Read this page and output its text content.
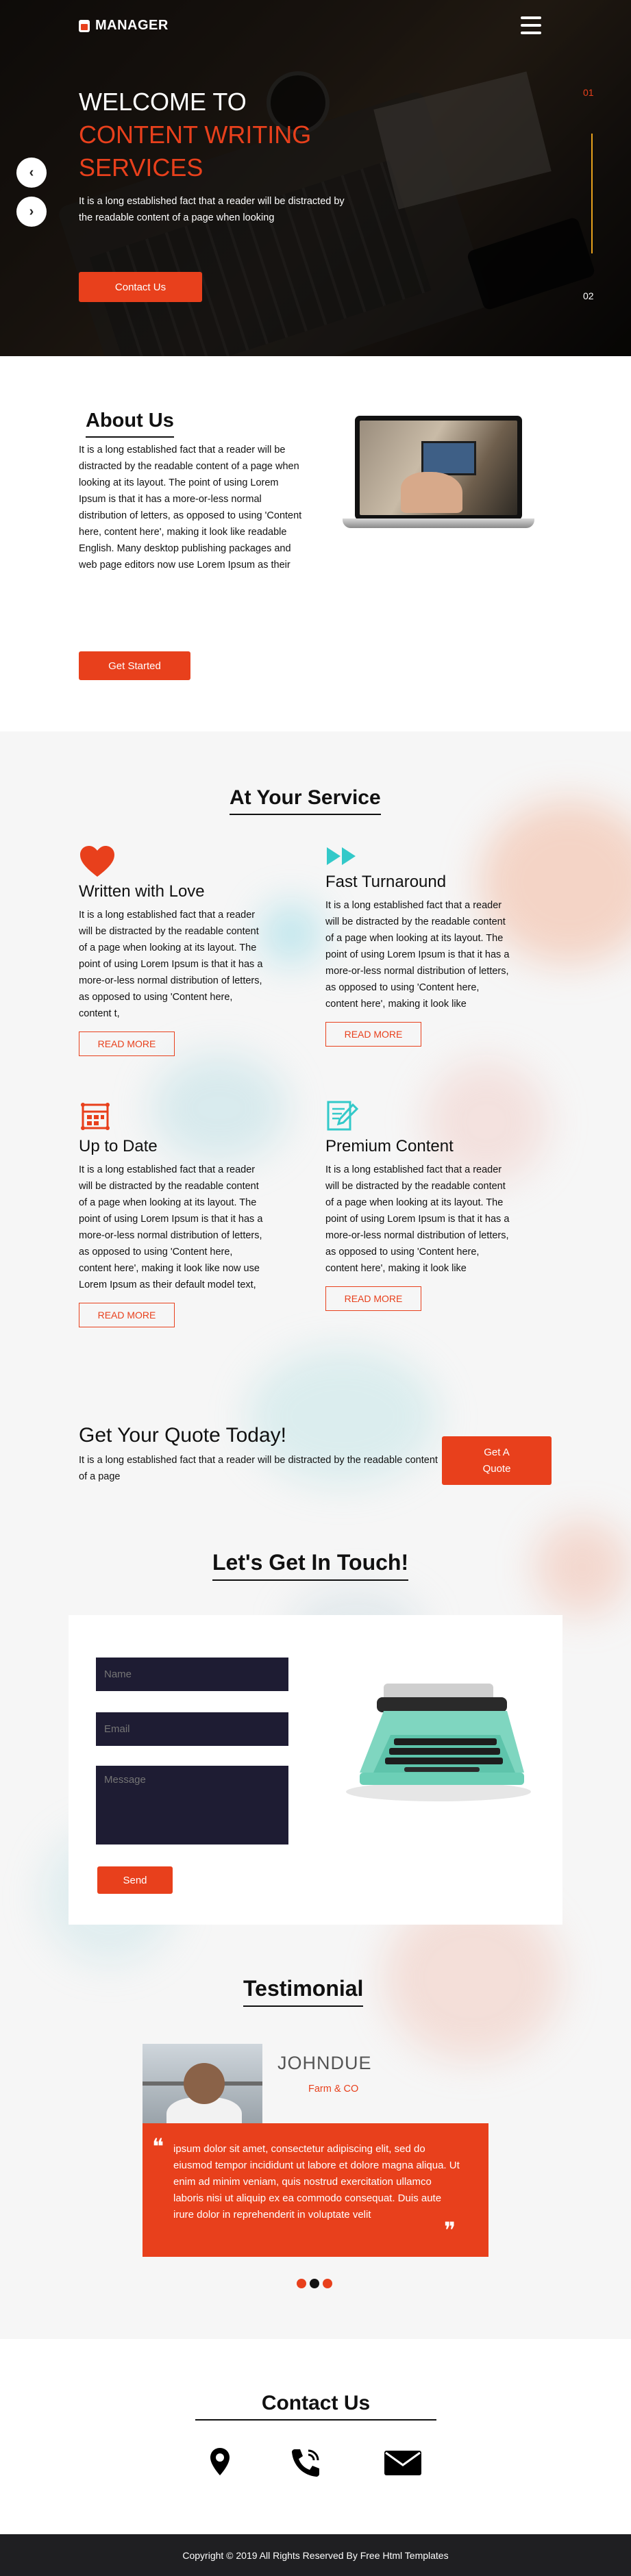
MANAGER
WELCOME TO
CONTENT WRITING
SERVICES

It is a long established fact that a reader will be distracted by the readable content of a page when looking

Contact Us
‹
›
01
02
About Us

It is a long established fact that a reader will be distracted by the readable content of a page when looking at its layout. The point of using Lorem Ipsum is that it has a more-or-less normal distribution of letters, as opposed to using 'Content here, content here', making it look like readable English. Many desktop publishing packages and web page editors now use Lorem Ipsum as their

Get Started
At Your Service
Written with Love

It is a long established fact that a reader will be distracted by the readable content of a page when looking at its layout. The point of using Lorem Ipsum is that it has a more-or-less normal distribution of letters, as opposed to using 'Content here, content t,

READ MORE
Fast Turnaround

It is a long established fact that a reader will be distracted by the readable content of a page when looking at its layout. The point of using Lorem Ipsum is that it has a more-or-less normal distribution of letters, as opposed to using 'Content here, content here', making it look like

READ MORE
Up to Date

It is a long established fact that a reader will be distracted by the readable content of a page when looking at its layout. The point of using Lorem Ipsum is that it has a more-or-less normal distribution of letters, as opposed to using 'Content here, content here', making it look like now use Lorem Ipsum as their default model text,

READ MORE
Premium Content

It is a long established fact that a reader will be distracted by the readable content of a page when looking at its layout. The point of using Lorem Ipsum is that it has a more-or-less normal distribution of letters, as opposed to using 'Content here, content here', making it look like

READ MORE
Get Your Quote Today!

It is a long established fact that a reader will be distracted by the readable content of a page

Get A Quote
Let's Get In Touch!
Name
Email
Message
Send
Testimonial
JOHNDUE
Farm & CO
❝ ipsum dolor sit amet, consectetur adipiscing elit, sed do eiusmod tempor incididunt ut labore et dolore magna aliqua. Ut enim ad minim veniam, quis nostrud exercitation ullamco laboris nisi ut aliquip ex ea commodo consequat. Duis aute irure dolor in reprehenderit in voluptate velit

❞
Contact Us
Copyright © 2019 All Rights Reserved By Free Html Templates
